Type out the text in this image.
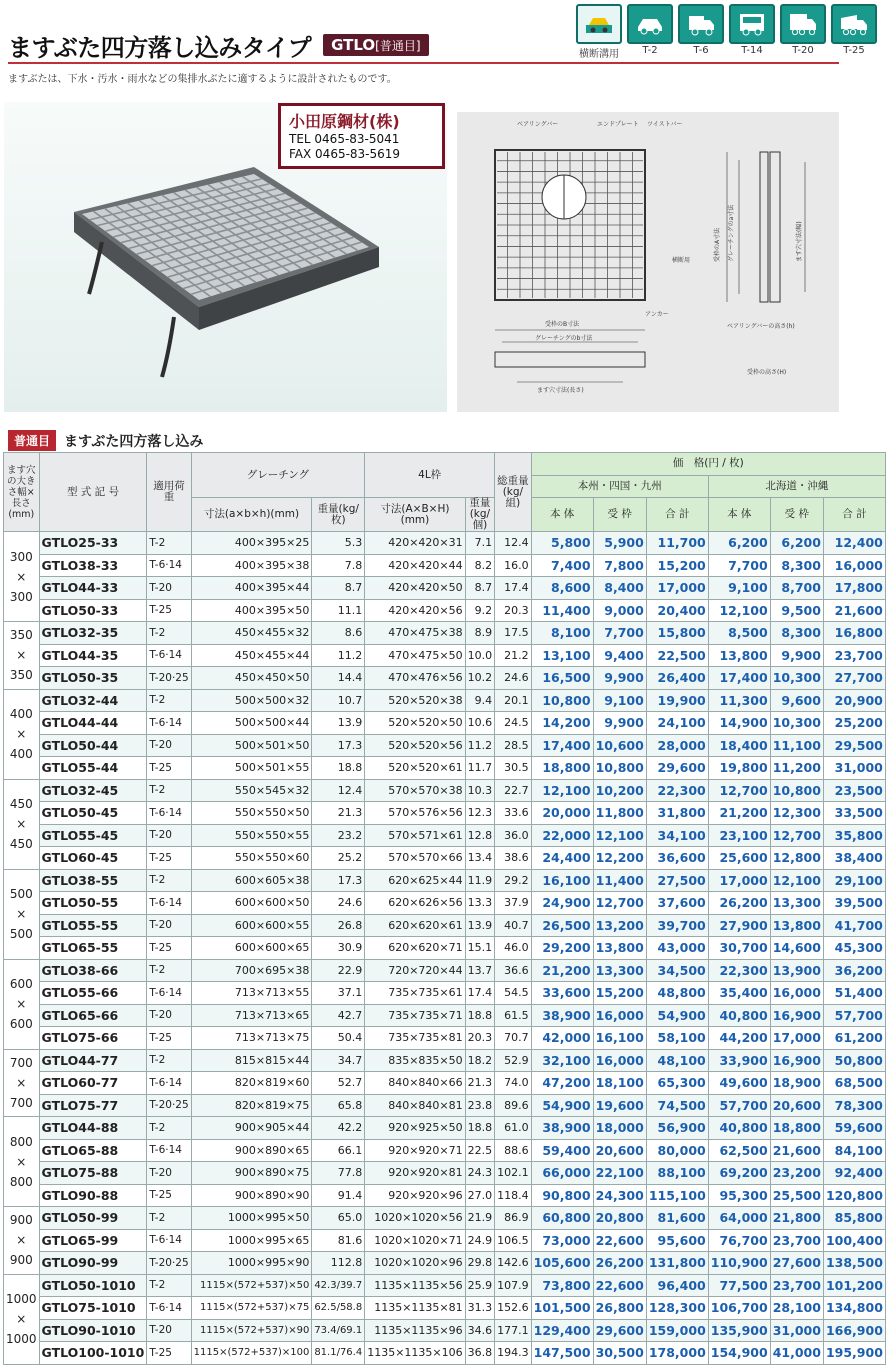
ますぶた四方落し込みタイプ	GTLO[普通目]
横断溝用	T-2	T-6	T-14	T-20	T-25
ますぶたは、下水・汚水・雨水などの集排水ぶたに適するように設計されたものです。
小田原鋼材(株)
TEL 0465-83-5041
FAX 0465-83-5619
ベアリングバー	エンドプレート ツイストバー
アンカー
受枠のB寸法
グレーチングのb寸法
ます穴寸法(長さ)
横断用	受枠のA寸法 グレーチングのa寸法	ます穴寸法(幅)
ベアリングバーの高さ(h)
受枠の高さ(H)
普通目	ますぶた四方落し込み
ます穴の大きさ幅×長さ(mm)	型 式 記 号	適用荷重	グレーチング		4L枠		総重量(kg/組)	価　格(円 / 枚)					
								本州・四国・九州			北海道・沖縄		
			寸法(a×b×h)(mm)	重量(kg/枚)	寸法(A×B×H)(mm)	重量(kg/個)		本 体	受 枠	合 計	本 体	受 枠	合 計
300
×
300	GTLO25-33	T-2	400×395×25	5.3	420×420×31	7.1	12.4	5,800	5,900	11,700	6,200	6,200	12,400
	GTLO38-33	T-6·14	400×395×38	7.8	420×420×44	8.2	16.0	7,400	7,800	15,200	7,700	8,300	16,000
	GTLO44-33	T-20	400×395×44	8.7	420×420×50	8.7	17.4	8,600	8,400	17,000	9,100	8,700	17,800
	GTLO50-33	T-25	400×395×50	11.1	420×420×56	9.2	20.3	11,400	9,000	20,400	12,100	9,500	21,600
350
×
350	GTLO32-35	T-2	450×455×32	8.6	470×475×38	8.9	17.5	8,100	7,700	15,800	8,500	8,300	16,800
	GTLO44-35	T-6·14	450×455×44	11.2	470×475×50	10.0	21.2	13,100	9,400	22,500	13,800	9,900	23,700
	GTLO50-35	T-20·25	450×450×50	14.4	470×476×56	10.2	24.6	16,500	9,900	26,400	17,400	10,300	27,700
400
×
400	GTLO32-44	T-2	500×500×32	10.7	520×520×38	9.4	20.1	10,800	9,100	19,900	11,300	9,600	20,900
	GTLO44-44	T-6·14	500×500×44	13.9	520×520×50	10.6	24.5	14,200	9,900	24,100	14,900	10,300	25,200
	GTLO50-44	T-20	500×501×50	17.3	520×520×56	11.2	28.5	17,400	10,600	28,000	18,400	11,100	29,500
	GTLO55-44	T-25	500×501×55	18.8	520×520×61	11.7	30.5	18,800	10,800	29,600	19,800	11,200	31,000
450
×
450	GTLO32-45	T-2	550×545×32	12.4	570×570×38	10.3	22.7	12,100	10,200	22,300	12,700	10,800	23,500
	GTLO50-45	T-6·14	550×550×50	21.3	570×576×56	12.3	33.6	20,000	11,800	31,800	21,200	12,300	33,500
	GTLO55-45	T-20	550×550×55	23.2	570×571×61	12.8	36.0	22,000	12,100	34,100	23,100	12,700	35,800
	GTLO60-45	T-25	550×550×60	25.2	570×570×66	13.4	38.6	24,400	12,200	36,600	25,600	12,800	38,400
500
×
500	GTLO38-55	T-2	600×605×38	17.3	620×625×44	11.9	29.2	16,100	11,400	27,500	17,000	12,100	29,100
	GTLO50-55	T-6·14	600×600×50	24.6	620×626×56	13.3	37.9	24,900	12,700	37,600	26,200	13,300	39,500
	GTLO55-55	T-20	600×600×55	26.8	620×620×61	13.9	40.7	26,500	13,200	39,700	27,900	13,800	41,700
	GTLO65-55	T-25	600×600×65	30.9	620×620×71	15.1	46.0	29,200	13,800	43,000	30,700	14,600	45,300
600
×
600	GTLO38-66	T-2	700×695×38	22.9	720×720×44	13.7	36.6	21,200	13,300	34,500	22,300	13,900	36,200
	GTLO55-66	T-6·14	713×713×55	37.1	735×735×61	17.4	54.5	33,600	15,200	48,800	35,400	16,000	51,400
	GTLO65-66	T-20	713×713×65	42.7	735×735×71	18.8	61.5	38,900	16,000	54,900	40,800	16,900	57,700
	GTLO75-66	T-25	713×713×75	50.4	735×735×81	20.3	70.7	42,000	16,100	58,100	44,200	17,000	61,200
700
×
700	GTLO44-77	T-2	815×815×44	34.7	835×835×50	18.2	52.9	32,100	16,000	48,100	33,900	16,900	50,800
	GTLO60-77	T-6·14	820×819×60	52.7	840×840×66	21.3	74.0	47,200	18,100	65,300	49,600	18,900	68,500
	GTLO75-77	T-20·25	820×819×75	65.8	840×840×81	23.8	89.6	54,900	19,600	74,500	57,700	20,600	78,300
800
×
800	GTLO44-88	T-2	900×905×44	42.2	920×925×50	18.8	61.0	38,900	18,000	56,900	40,800	18,800	59,600
	GTLO65-88	T-6·14	900×890×65	66.1	920×920×71	22.5	88.6	59,400	20,600	80,000	62,500	21,600	84,100
	GTLO75-88	T-20	900×890×75	77.8	920×920×81	24.3	102.1	66,000	22,100	88,100	69,200	23,200	92,400
	GTLO90-88	T-25	900×890×90	91.4	920×920×96	27.0	118.4	90,800	24,300	115,100	95,300	25,500	120,800
900
×
900	GTLO50-99	T-2	1000×995×50	65.0	1020×1020×56	21.9	86.9	60,800	20,800	81,600	64,000	21,800	85,800
	GTLO65-99	T-6·14	1000×995×65	81.6	1020×1020×71	24.9	106.5	73,000	22,600	95,600	76,700	23,700	100,400
	GTLO90-99	T-20·25	1000×995×90	112.8	1020×1020×96	29.8	142.6	105,600	26,200	131,800	110,900	27,600	138,500
1000
×
1000	GTLO50-1010	T-2	1115×(572+537)×50	42.3/39.7	1135×1135×56	25.9	107.9	73,800	22,600	96,400	77,500	23,700	101,200
	GTLO75-1010	T-6·14	1115×(572+537)×75	62.5/58.8	1135×1135×81	31.3	152.6	101,500	26,800	128,300	106,700	28,100	134,800
	GTLO90-1010	T-20	1115×(572+537)×90	73.4/69.1	1135×1135×96	34.6	177.1	129,400	29,600	159,000	135,900	31,000	166,900
	GTLO100-1010	T-25	1115×(572+537)×100	81.1/76.4	1135×1135×106	36.8	194.3	147,500	30,500	178,000	154,900	41,000	195,900
